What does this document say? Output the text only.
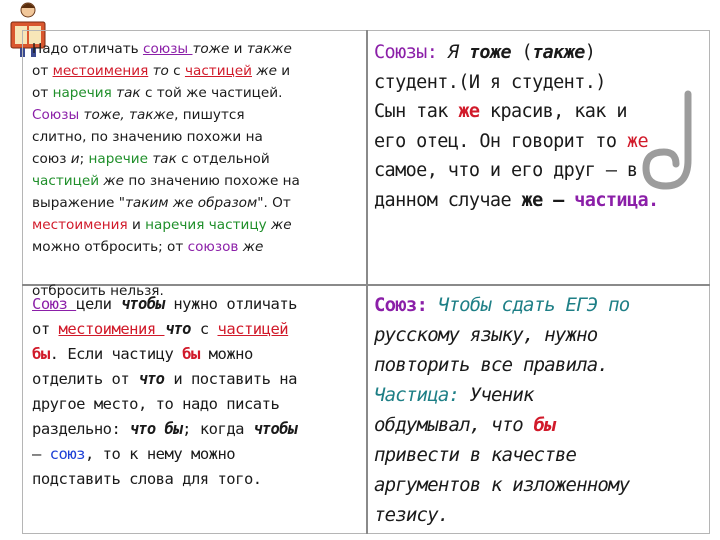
Надо отличать союзы тоже и также
от местоимения то с частицей же и
от наречия так с той же частицей.
Союзы тоже, также, пишутся
слитно, по значению похожи на
союз и; наречие так с отдельной
частицей же по значению похоже на
выражение "таким же образом". От
местоимения и наречия частицу же
можно отбросить; от союзов же

отбросить нельзя.
Союзы: Я тоже (также)
студент.(И я студент.)
Сын так же красив, как и
его отец. Он говорит то же
самое, что и его друг – в
данном случае же – частица.
Союз цели чтобы нужно отличать
от местоимения что с частицей
бы. Если частицу бы можно
отделить от что и поставить на
другое место, то надо писать
раздельно: что бы; когда чтобы
— союз, то к нему можно
подставить слова для того.
Союз: Чтобы сдать ЕГЭ по
русскому языку, нужно
повторить все правила.
Частица: Ученик
обдумывал, что бы
привести в качестве
аргументов к изложенному
тезису.
